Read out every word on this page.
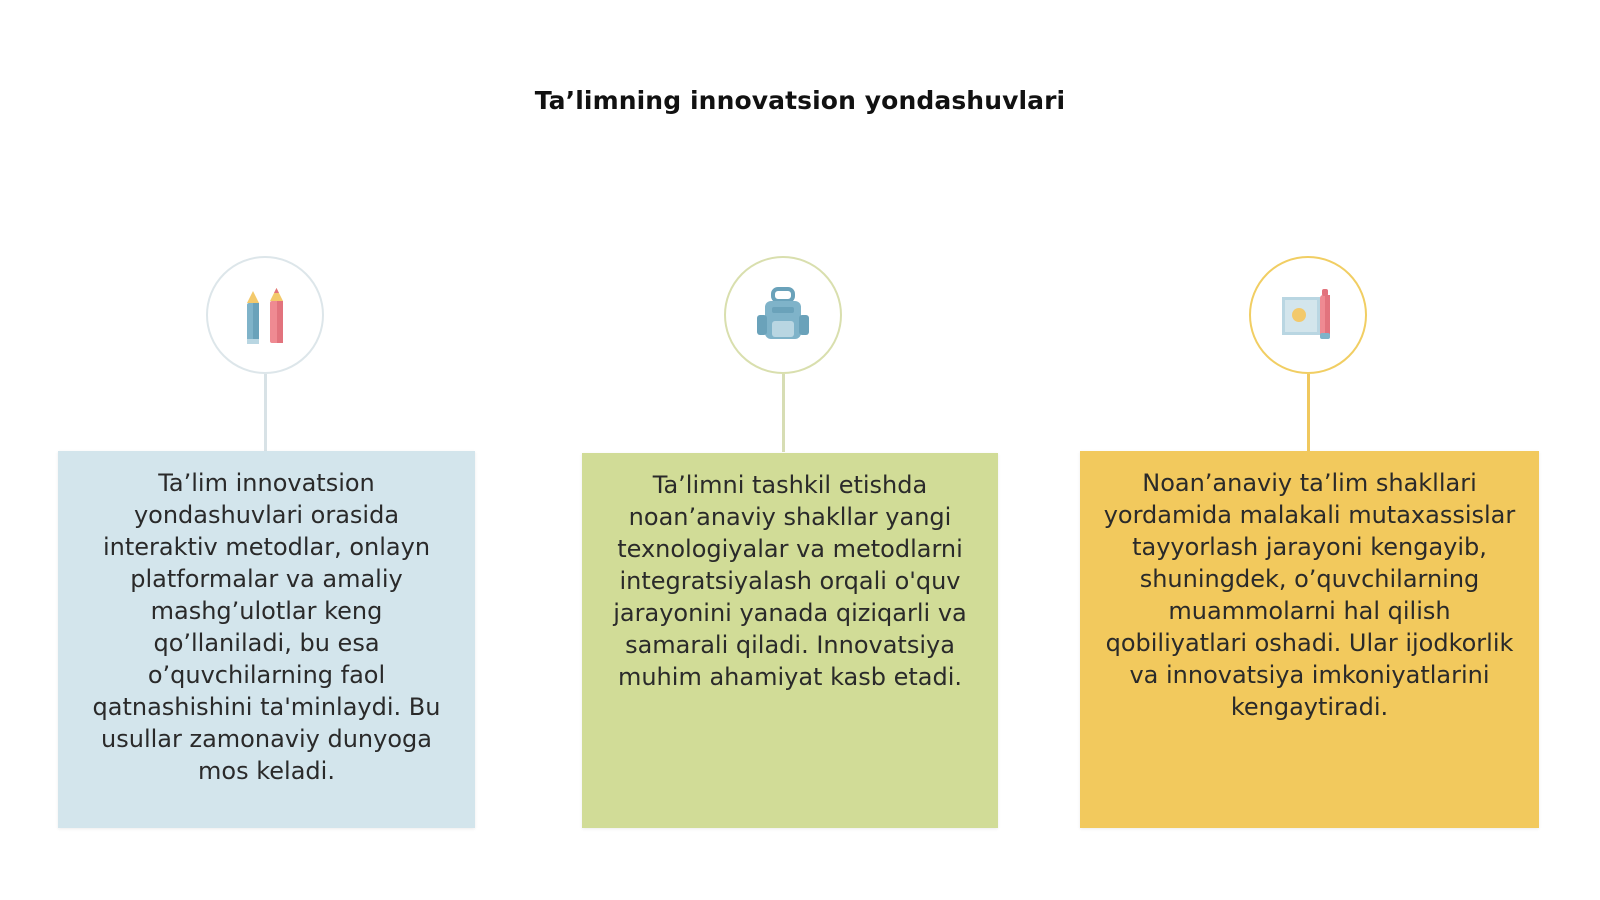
Ta’limning innovatsion yondashuvlari
Ta’lim innovatsion yondashuvlari orasida interaktiv metodlar, onlayn platformalar va amaliy mashg’ulotlar keng qo’llaniladi, bu esa o’quvchilarning faol qatnashishini ta'minlaydi. Bu usullar zamonaviy dunyoga mos keladi.
Ta’limni tashkil etishda noan’anaviy shakllar yangi texnologiyalar va metodlarni integratsiyalash orqali o'quv jarayonini yanada qiziqarli va samarali qiladi. Innovatsiya muhim ahamiyat kasb etadi.
Noan’anaviy ta’lim shakllari yordamida malakali mutaxassislar tayyorlash jarayoni kengayib, shuningdek, o’quvchilarning muammolarni hal qilish qobiliyatlari oshadi. Ular ijodkorlik va innovatsiya imkoniyatlarini kengaytiradi.
